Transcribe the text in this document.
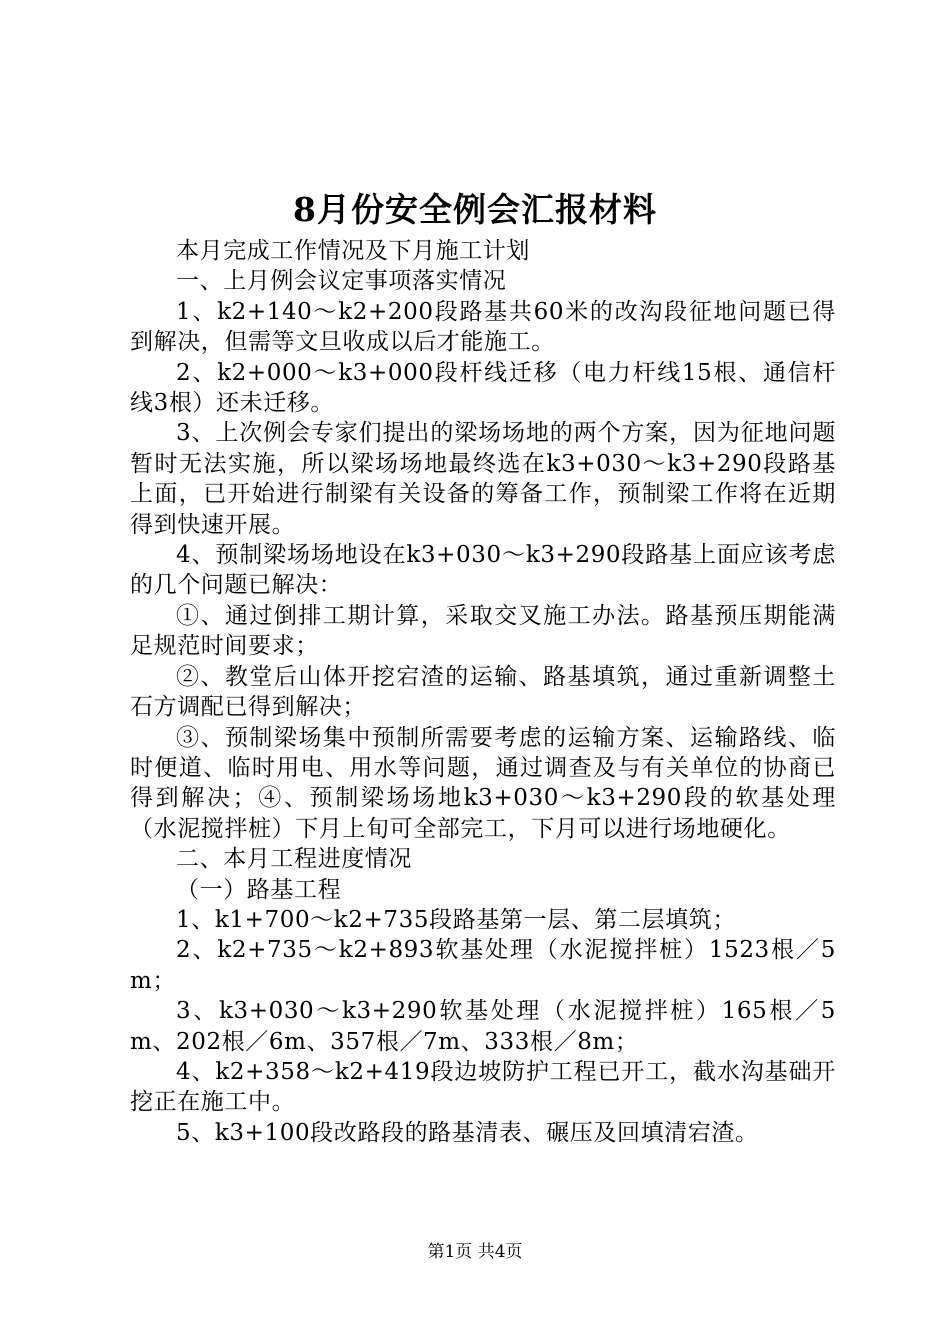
8月份安全例会汇报材料

本月完成工作情况及下月施工计划

一、上月例会议定事项落实情况

1、k2+140～k2+200段路基共60米的改沟段征地问题已得到解决，但需等文旦收成以后才能施工。

2、k2+000～k3+000段杆线迁移（电力杆线15根、通信杆线3根）还未迁移。

3、上次例会专家们提出的梁场场地的两个方案，因为征地问题暂时无法实施，所以梁场场地最终选在k3+030～k3+290段路基上面，已开始进行制梁有关设备的筹备工作，预制梁工作将在近期得到快速开展。

4、预制梁场场地设在k3+030～k3+290段路基上面应该考虑的几个问题已解决：

①、通过倒排工期计算，采取交叉施工办法。路基预压期能满足规范时间要求；

②、教堂后山体开挖宕渣的运输、路基填筑，通过重新调整土石方调配已得到解决；

③、预制梁场集中预制所需要考虑的运输方案、运输路线、临时便道、临时用电、用水等问题，通过调查及与有关单位的协商已得到解决；④、预制梁场场地k3+030～k3+290段的软基处理（水泥搅拌桩）下月上旬可全部完工，下月可以进行场地硬化。

二、本月工程进度情况

（一）路基工程

1、k1+700～k2+735段路基第一层、第二层填筑；

2、k2+735～k2+893软基处理（水泥搅拌桩）1523根／5m；

3、k3+030～k3+290软基处理（水泥搅拌桩）165根／5m、202根／6m、357根／7m、333根／8m；

4、k2+358～k2+419段边坡防护工程已开工，截水沟基础开挖正在施工中。

5、k3+100段改路段的路基清表、碾压及回填清宕渣。

第1页 共4页
